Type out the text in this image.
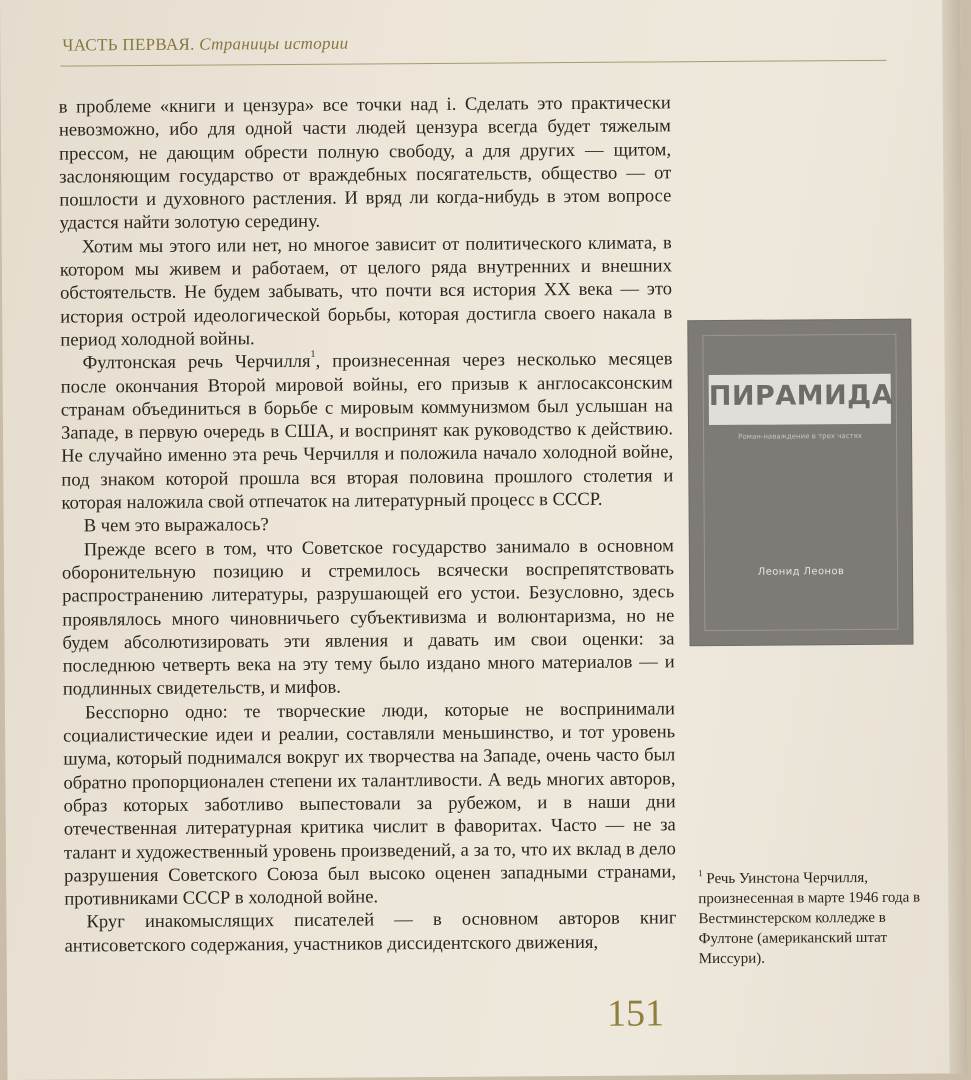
ЧАСТЬ ПЕРВАЯ. Страницы истории

в проблеме «книги и цензура» все точки над і. Сделать это практически невозможно, ибо для одной части людей цензура всегда будет тяжелым прессом, не дающим обрести полную свободу, а для других — щитом, заслоняющим государство от враждебных посягательств, общество — от пошлости и духовного растления. И вряд ли когда-нибудь в этом вопросе удастся найти золотую середину.

Хотим мы этого или нет, но многое зависит от политического климата, в котором мы живем и работаем, от целого ряда внутренних и внешних обстоятельств. Не будем забывать, что почти вся история XX века — это история острой идеологической борьбы, которая достигла своего накала в период холодной войны.

Фултонская речь Черчилля$^1$, произнесенная через несколько месяцев после окончания Второй мировой войны, его призыв к англосаксонским странам объединиться в борьбе с мировым коммунизмом был услышан на Западе, в первую очередь в США, и воспринят как руководство к действию. Не случайно именно эта речь Черчилля и положила начало холодной войне, под знаком которой прошла вся вторая половина прошлого столетия и которая наложила свой отпечаток на литературный процесс в СССР.

В чем это выражалось?

Прежде всего в том, что Советское государство занимало в основном оборонительную позицию и стремилось всячески воспрепятствовать распространению литературы, разрушающей его устои. Безусловно, здесь проявлялось много чиновничьего субъективизма и волюнтаризма, но не будем абсолютизировать эти явления и давать им свои оценки: за последнюю четверть века на эту тему было издано много материалов — и подлинных свидетельств, и мифов.

Бесспорно одно: те творческие люди, которые не воспринимали социалистические идеи и реалии, составляли меньшинство, и тот уровень шума, который поднимался вокруг их творчества на Западе, очень часто был обратно пропорционален степени их талантливости. А ведь многих авторов, образ которых заботливо выпестовали за рубежом, и в наши дни отечественная литературная критика числит в фаворитах. Часто — не за талант и художественный уровень произведений, а за то, что их вклад в дело разрушения Советского Союза был высоко оценен западными странами, противниками СССР в холодной войне.

Круг инакомыслящих писателей — в основном авторов книг антисоветского содержания, участников диссидентского движения,

ПИРАМИДА
Роман-наваждение в трех частях
Леонид Леонов
$^1$ Речь Уинстона Черчилля, произнесенная в марте 1946 года в Вестминстерском колледже в Фултоне (американский штат Миссури).
151
